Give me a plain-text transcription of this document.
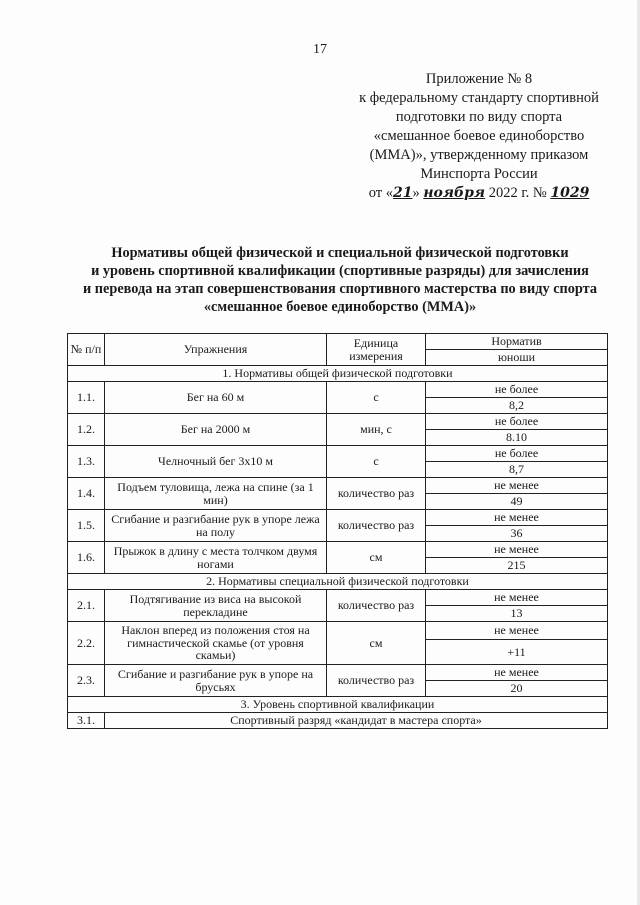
17
Приложение № 8
к федеральному стандарту спортивной
подготовки по виду спорта
«смешанное боевое единоборство
(ММА)», утвержденному приказом
Минспорта России
от «21» ноября 2022 г. № 1029
Нормативы общей физической и специальной физической подготовки
и уровень спортивной квалификации (спортивные разряды) для зачисления
и перевода на этап совершенствования спортивного мастерства по виду спорта
«смешанное боевое единоборство (ММА)»
№ п/п	Упражнения	Единица измерения	Норматив
			юноши
1. Нормативы общей физической подготовки			
1.1.	Бег на 60 м	с	не более
			8,2
1.2.	Бег на 2000 м	мин, с	не более
			8.10
1.3.	Челночный бег 3х10 м	с	не более
			8,7
1.4.	Подъем туловища, лежа на спине (за 1 мин)	количество раз	не менее
			49
1.5.	Сгибание и разгибание рук в упоре лежа на полу	количество раз	не менее
			36
1.6.	Прыжок в длину с места толчком двумя ногами	см	не менее
			215
2. Нормативы специальной физической подготовки			
2.1.	Подтягивание из виса на высокой перекладине	количество раз	не менее
			13
2.2.	Наклон вперед из положения стоя на гимнастической скамье (от уровня скамьи)	см	не менее
			+11
2.3.	Сгибание и разгибание рук в упоре на брусьях	количество раз	не менее
			20
3. Уровень спортивной квалификации			
3.1.	Спортивный разряд «кандидат в мастера спорта»		
